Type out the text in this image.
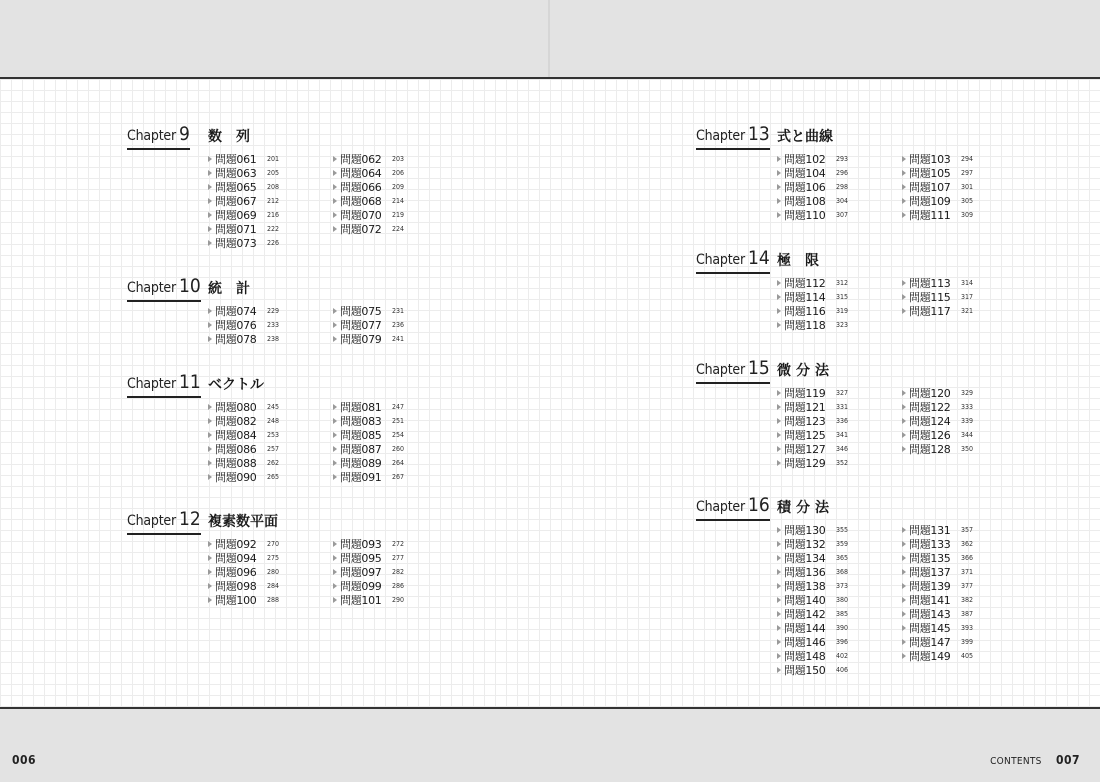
006	CONTENTS 007
Chapter 9 数列
問題061	201	問題062	203
問題063	205	問題064	206
問題065	208	問題066	209
問題067	212	問題068	214
問題069	216	問題070	219
問題071	222	問題072	224
問題073	226
Chapter 10 統計
問題074	229	問題075	231
問題076	233	問題077	236
問題078	238	問題079	241
Chapter 11 ベクトル
問題080	245	問題081	247
問題082	248	問題083	251
問題084	253	問題085	254
問題086	257	問題087	260
問題088	262	問題089	264
問題090	265	問題091	267
Chapter 12 複素数平面
問題092	270	問題093	272
問題094	275	問題095	277
問題096	280	問題097	282
問題098	284	問題099	286
問題100	288	問題101	290
Chapter 13 式と曲線
問題102	293	問題103	294
問題104	296	問題105	297
問題106	298	問題107	301
問題108	304	問題109	305
問題110	307	問題111	309
Chapter 14 極限
問題112	312	問題113	314
問題114	315	問題115	317
問題116	319	問題117	321
問題118	323
Chapter 15 微分法
問題119	327	問題120	329
問題121	331	問題122	333
問題123	336	問題124	339
問題125	341	問題126	344
問題127	346	問題128	350
問題129	352
Chapter 16 積分法
問題130	355	問題131	357
問題132	359	問題133	362
問題134	365	問題135	366
問題136	368	問題137	371
問題138	373	問題139	377
問題140	380	問題141	382
問題142	385	問題143	387
問題144	390	問題145	393
問題146	396	問題147	399
問題148	402	問題149	405
問題150	406
